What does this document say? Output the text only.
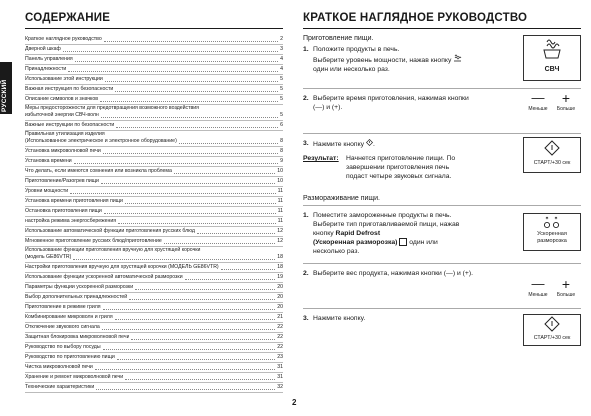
РУССКИЙ
СОДЕРЖАНИЕ
Краткое наглядное руководство	2
Дверной шкаф	3
Панель управления	4
Принадлежности	4
Использование этой инструкции	5
Важная инструкция по безопасности	5
Описание символов и значков	5
Меры предосторожности для предотвращения возможного воздействия
избыточной энергии СВЧ-волн	5
Важные инструкции по безопасности	6
Правильная утилизация изделия
(Использованное электрическое и электронное оборудование)	8
Установка микроволновой печи	8
Установка времени	9
Что делать, если имеются сомнения или возникла проблема	10
Приготовление/Разогрев пищи	10
Уровни мощности	11
Установка времени приготовления пищи	11
Остановка приготовления пищи	11
настройка режима энергосбережения	11
Использование автоматической функции приготовления русских блюд	12
Мгновенное приготовление русских блюд/приготовление	12
Использование функции приготовления вручную для хрустящей корочки
(модель GE86VTR)	18
Настройки приготовления вручную для хрустящей корочки (МОДЕЛЬ GE86VTR)	18
Использование функции ускоренной автоматической разморозки	19
Параметры функции ускоренной разморозки	20
Выбор дополнительных принадлежностей	20
Приготовление в режиме гриля	20
Комбинирование микроволн и гриля	21
Отключение звукового сигнала	22
Защитная блокировка микроволновой печи	22
Руководство по выбору посуды	22
Руководство по приготовлению пищи	23
Чистка микроволновой печи	31
Хранение и ремонт микроволновой печи	31
Технические характеристики	32
КРАТКОЕ НАГЛЯДНОЕ РУКОВОДСТВО
Приготовление пищи.
1. Положите продукты в печь.
Выберите уровень мощности, нажав кнопку
один или несколько раз.	СВЧ
2. Выберите время приготовления, нажимая кнопки
(—) и (+).
—
Меньше
+
Больше
3. Нажмите кнопку .
СТАРТ/+30 сек
Результат:	Начнется приготовление пищи. По
завершении приготовления печь
подаст четыре звуковых сигнала.
Размораживание пищи.
1. Поместите замороженные продукты в печь.
Выберите тип приготавливаемой пищи, нажав
кнопку Rapid Defrost
(Ускоренная разморозка) один или
несколько раз.
Ускоренная
разморозка
2. Выберите вес продукта, нажимая кнопки (—) и (+).
—
Меньше
+
Больше
3. Нажмите кнопку.
СТАРТ/+30 сек
2
